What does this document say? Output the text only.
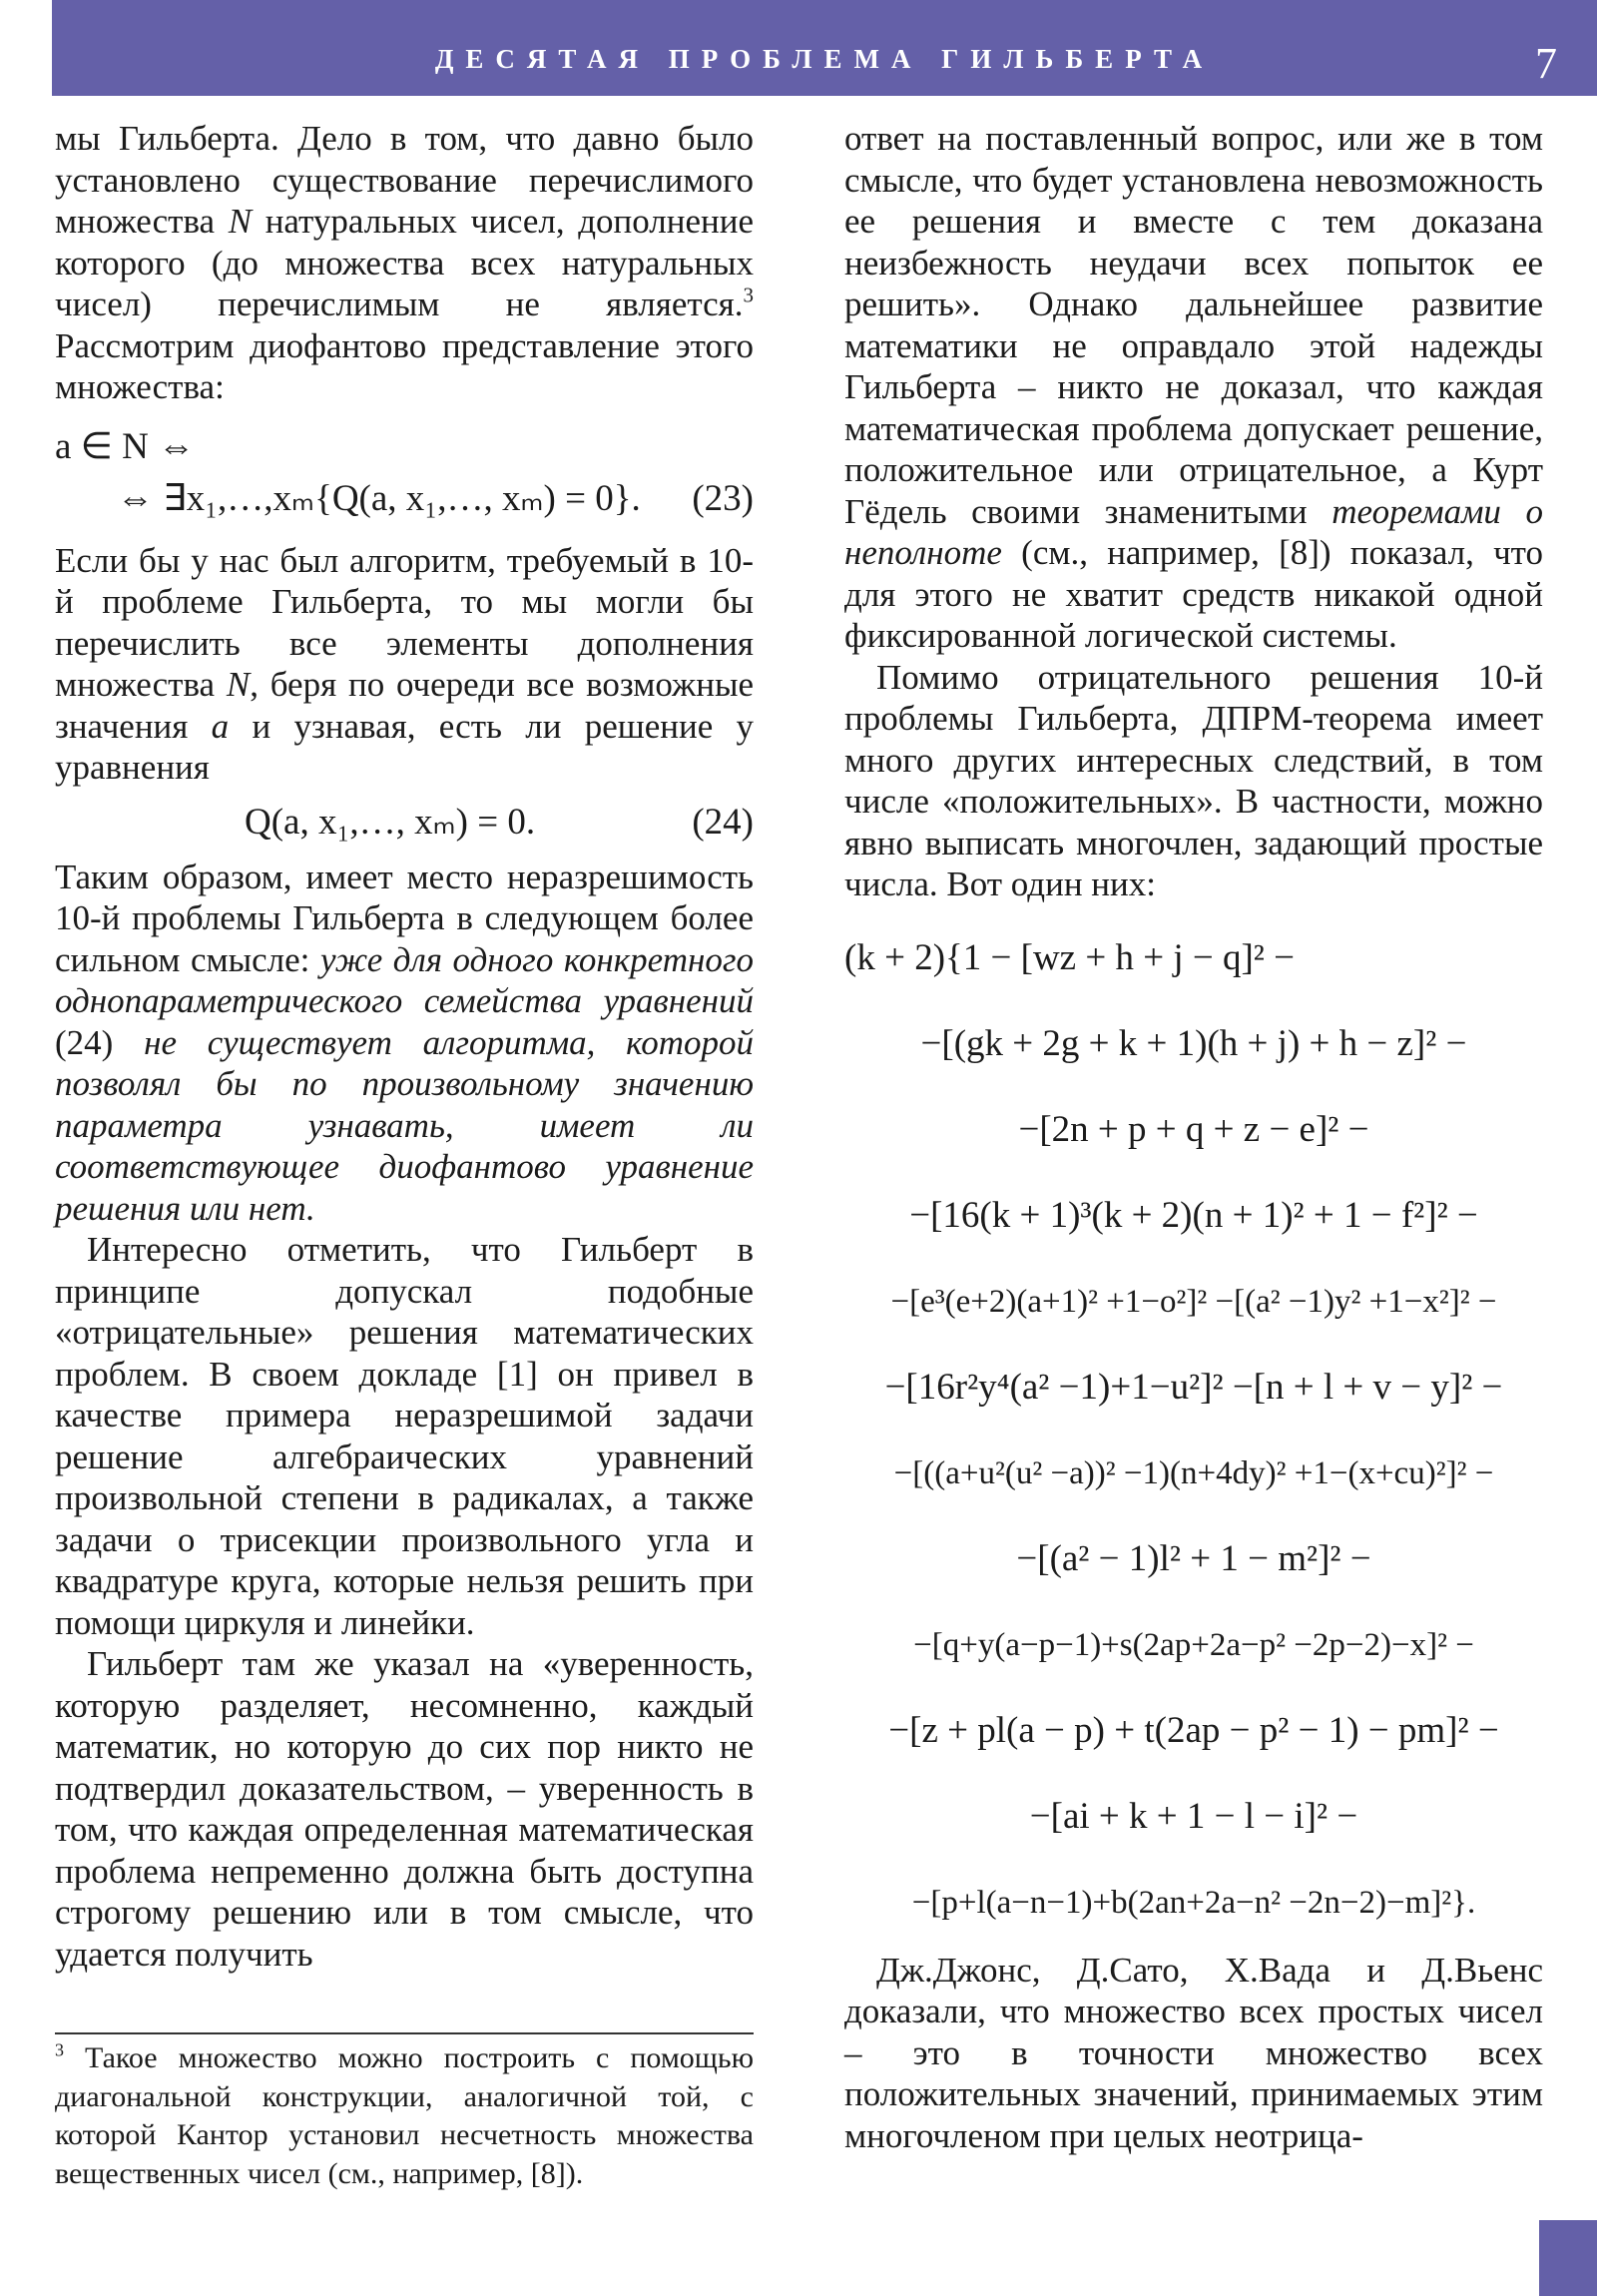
ДЕСЯТАЯ ПРОБЛЕМА ГИЛЬБЕРТА	7

мы Гильберта. Дело в том, что давно было установлено существование перечислимого множества N натуральных чисел, дополнение которого (до множества всех натуральных чисел) перечислимым не является.$^3$ Рассмотрим диофантово представление этого множества:

a ∈ N ⇔
⇔ ∃x₁,…,xₘ{Q(a, x₁,…, xₘ) = 0}. (23)

Если бы у нас был алгоритм, требуемый в 10-й проблеме Гильберта, то мы могли бы перечислить все элементы дополнения множества N, беря по очереди все возможные значения a и узнавая, есть ли решение у уравнения

Q(a, x₁,…, xₘ) = 0.	(24)

Таким образом, имеет место неразрешимость 10-й проблемы Гильберта в следующем более сильном смысле: уже для одного конкретного однопараметрического семейства уравнений (24) не существует алгоритма, которой позволял бы по произвольному значению параметра узнавать, имеет ли соответствующее диофантово уравнение решения или нет.

Интересно отметить, что Гильберт в принципе допускал подобные «отрицательные» решения математических проблем. В своем докладе [1] он привел в качестве примера неразрешимой задачи решение алгебраических уравнений произвольной степени в радикалах, а также задачи о трисекции произвольного угла и квадратуре круга, которые нельзя решить при помощи циркуля и линейки.

Гильберт там же указал на «уверенность, которую разделяет, несомненно, каждый математик, но которую до сих пор никто не подтвердил доказательством, – уверенность в том, что каждая определенная математическая проблема непременно должна быть доступна строгому решению или в том смысле, что удается получить

$^3$ Такое множество можно построить с помощью диагональной конструкции, аналогичной той, с которой Кантор установил несчетность множества вещественных чисел (см., например, [8]).

ответ на поставленный вопрос, или же в том смысле, что будет установлена невозможность ее решения и вместе с тем доказана неизбежность неудачи всех попыток ее решить». Однако дальнейшее развитие математики не оправдало этой надежды Гильберта – никто не доказал, что каждая математическая проблема допускает решение, положительное или отрицательное, а Курт Гёдель своими знаменитыми теоремами о неполноте (см., например, [8]) показал, что для этого не хватит средств никакой одной фиксированной логической системы.

Помимо отрицательного решения 10-й проблемы Гильберта, ДПРМ-теорема имеет много других интересных следствий, в том числе «положительных». В частности, можно явно выписать многочлен, задающий простые числа. Вот один них:

(k + 2){1 − [wz + h + j − q]² −
−[(gk + 2g + k + 1)(h + j) + h − z]² −
−[2n + p + q + z − e]² −
−[16(k + 1)³(k + 2)(n + 1)² + 1 − f²]² −
−[e³(e+2)(a+1)² +1−o²]² −[(a² −1)y² +1−x²]² −
−[16r²y⁴(a² −1)+1−u²]² −[n + l + v − y]² −
−[((a+u²(u² −a))² −1)(n+4dy)² +1−(x+cu)²]² −
−[(a² − 1)l² + 1 − m²]² −
−[q+y(a−p−1)+s(2ap+2a−p² −2p−2)−x]² −
−[z + pl(a − p) + t(2ap − p² − 1) − pm]² −
−[ai + k + 1 − l − i]² −
−[p+l(a−n−1)+b(2an+2a−n² −2n−2)−m]²}.

Дж.Джонс, Д.Сато, Х.Вада и Д.Вьенс доказали, что множество всех простых чисел – это в точности множество всех положительных значений, принимаемых этим многочленом при целых неотрица-
